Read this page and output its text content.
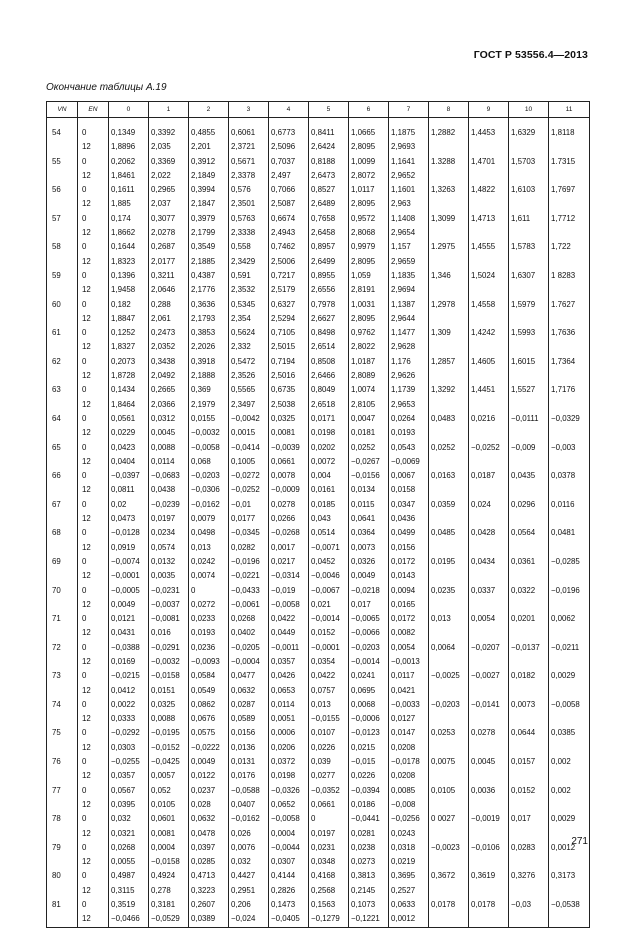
ГОСТ Р 53556.4—2013
Окончание таблицы А.19
VN	EN	0	1	2	3	4	5	6	7	8	9	10	11

54	0	0,1349	0,3392	0,4855	0,6061	0,6773	0,8411	1,0665	1,1875	1,2882	1,4453	1,6329	1,8118
	12	1,8896	2,035	2,201	2,3721	2,5096	2,6424	2,8095	2,9693				
55	0	0,2062	0,3369	0,3912	0,5671	0,7037	0,8188	1,0099	1,1641	1.3288	1,4701	1,5703	1.7315
	12	1,8461	2,022	2,1849	2,3378	2,497	2,6473	2,8072	2,9652				
56	0	0,1611	0,2965	0,3994	0,576	0,7066	0,8527	1,0117	1,1601	1,3263	1,4822	1,6103	1,7697
	12	1,885	2,037	2,1847	2,3501	2,5087	2,6489	2,8095	2,963				
57	0	0,174	0,3077	0,3979	0,5763	0,6674	0,7658	0,9572	1,1408	1,3099	1,4713	1,611	1,7712
	12	1,8662	2,0278	2,1799	2,3338	2,4943	2,6458	2,8068	2,9654				
58	0	0,1644	0,2687	0,3549	0,558	0,7462	0,8957	0,9979	1,157	1.2975	1,4555	1,5783	1,722
	12	1,8323	2,0177	2,1885	2,3429	2,5006	2,6499	2,8095	2,9659				
59	0	0,1396	0,3211	0,4387	0,591	0,7217	0,8955	1,059	1,1835	1,346	1,5024	1,6307	1 8283
	12	1,9458	2,0646	2,1776	2,3532	2,5179	2,6556	2,8191	2,9694				
60	0	0,182	0,288	0,3636	0,5345	0,6327	0,7978	1,0031	1,1387	1,2978	1,4558	1,5979	1.7627
	12	1,8847	2,061	2,1793	2,354	2,5294	2,6627	2,8095	2,9644				
61	0	0,1252	0,2473	0,3853	0,5624	0,7105	0,8498	0,9762	1,1477	1,309	1,4242	1,5993	1,7636
	12	1,8327	2,0352	2,2026	2,332	2,5015	2,6514	2,8022	2,9628				
62	0	0,2073	0,3438	0,3918	0,5472	0,7194	0,8508	1,0187	1,176	1,2857	1,4605	1,6015	1,7364
	12	1,8728	2,0492	2,1888	2,3526	2,5016	2,6466	2,8089	2,9626				
63	0	0,1434	0,2665	0,369	0,5565	0,6735	0,8049	1,0074	1,1739	1,3292	1,4451	1,5527	1,7176
	12	1,8464	2,0366	2,1979	2,3497	2,5038	2,6518	2,8105	2,9653				
64	0	0,0561	0,0312	0,0155	−0,0042	0,0325	0,0171	0,0047	0,0264	0,0483	0,0216	−0,0111	−0,0329
	12	0,0229	0,0045	−0,0032	0,0015	0,0081	0,0198	0,0181	0,0193				
65	0	0,0423	0,0088	−0,0058	−0,0414	−0,0039	0,0202	0,0252	0,0543	0,0252	−0,0252	−0,009	−0,003
	12	0,0404	0,0114	0,068	0,1005	0,0661	0,0072	−0,0267	−0,0069				
66	0	−0,0397	−0,0683	−0,0203	−0,0272	0,0078	0,004	−0,0156	0,0067	0,0163	0,0187	0,0435	0,0378
	12	0,0811	0,0438	−0,0306	−0,0252	−0,0009	0,0161	0,0134	0,0158				
67	0	0,02	−0,0239	−0,0162	−0,01	0,0278	0,0185	0,0115	0,0347	0,0359	0,024	0,0296	0,0116
	12	0,0473	0,0197	0,0079	0,0177	0,0266	0,043	0,0641	0,0436				
68	0	−0,0128	0,0234	0,0498	−0,0345	−0,0268	0,0514	0,0364	0,0499	0,0485	0,0428	0,0564	0,0481
	12	0,0919	0,0574	0,013	0,0282	0,0017	−0,0071	0,0073	0,0156				
69	0	−0,0074	0,0132	0,0242	−0,0196	0,0217	0,0452	0,0326	0,0172	0,0195	0,0434	0,0361	−0,0285
	12	−0,0001	0,0035	0,0074	−0,0221	−0,0314	−0,0046	0,0049	0,0143				
70	0	−0,0005	−0,0231	0	−0,0433	−0,019	−0,0067	−0,0218	0,0094	0,0235	0,0337	0,0322	−0,0196
	12	0,0049	−0,0037	0,0272	−0,0061	−0,0058	0,021	0,017	0,0165				
71	0	0,0121	−0,0081	0,0233	0,0268	0,0422	−0,0014	−0,0065	0,0172	0,013	0,0054	0,0201	0,0062
	12	0,0431	0,016	0,0193	0,0402	0,0449	0,0152	−0,0066	0,0082				
72	0	−0,0388	−0,0291	0,0236	−0,0205	−0,0011	−0,0001	−0,0203	0,0054	0,0064	−0,0207	−0,0137	−0,0211
	12	0,0169	−0,0032	−0,0093	−0,0004	0,0357	0,0354	−0,0014	−0,0013				
73	0	−0,0215	−0,0158	0,0584	0,0477	0,0426	0,0422	0,0241	0,0117	−0,0025	−0,0027	0,0182	0,0029
	12	0,0412	0,0151	0,0549	0,0632	0,0653	0,0757	0,0695	0,0421				
74	0	0,0022	0,0325	0,0862	0,0287	0,0114	0,013	0,0068	−0,0033	−0,0203	−0,0141	0,0073	−0,0058
	12	0,0333	0,0088	0,0676	0,0589	0,0051	−0,0155	−0,0006	0,0127				
75	0	−0,0292	−0,0195	0,0575	0,0156	0,0006	0,0107	−0,0123	0,0147	0,0253	0,0278	0,0644	0,0385
	12	0,0303	−0,0152	−0,0222	0,0136	0,0206	0,0226	0,0215	0,0208				
76	0	−0,0255	−0,0425	0,0049	0,0131	0,0372	0,039	−0,015	−0,0178	0,0075	0,0045	0,0157	0,002
	12	0,0357	0,0057	0,0122	0,0176	0,0198	0,0277	0,0226	0,0208				
77	0	0,0567	0,052	0,0237	−0,0588	−0,0326	−0,0352	−0,0394	0,0085	0,0105	0,0036	0,0152	0,002
	12	0,0395	0,0105	0,028	0,0407	0,0652	0,0661	0,0186	−0,008				
78	0	0,032	0,0601	0,0632	−0,0162	−0,0058	0	−0,0441	−0,0256	0 0027	−0,0019	0,017	0,0029
	12	0,0321	0,0081	0,0478	0,026	0,0004	0,0197	0,0281	0,0243				
79	0	0,0268	0,0004	0,0397	0,0076	−0,0044	0,0231	0,0238	0,0318	−0,0023	−0,0106	0,0283	0,0012
	12	0,0055	−0,0158	0,0285	0,032	0,0307	0,0348	0,0273	0,0219				
80	0	0,4987	0,4924	0,4713	0,4427	0,4144	0,4168	0,3813	0,3695	0,3672	0,3619	0,3276	0,3173
	12	0,3115	0,278	0,3223	0,2951	0,2826	0,2568	0,2145	0,2527				
81	0	0,3519	0,3181	0,2607	0,206	0,1473	0,1563	0,1073	0,0633	0,0178	0,0178	−0,03	−0,0538
	12	−0,0466	−0,0529	0,0389	−0,024	−0,0405	−0,1279	−0,1221	0,0012				
271
